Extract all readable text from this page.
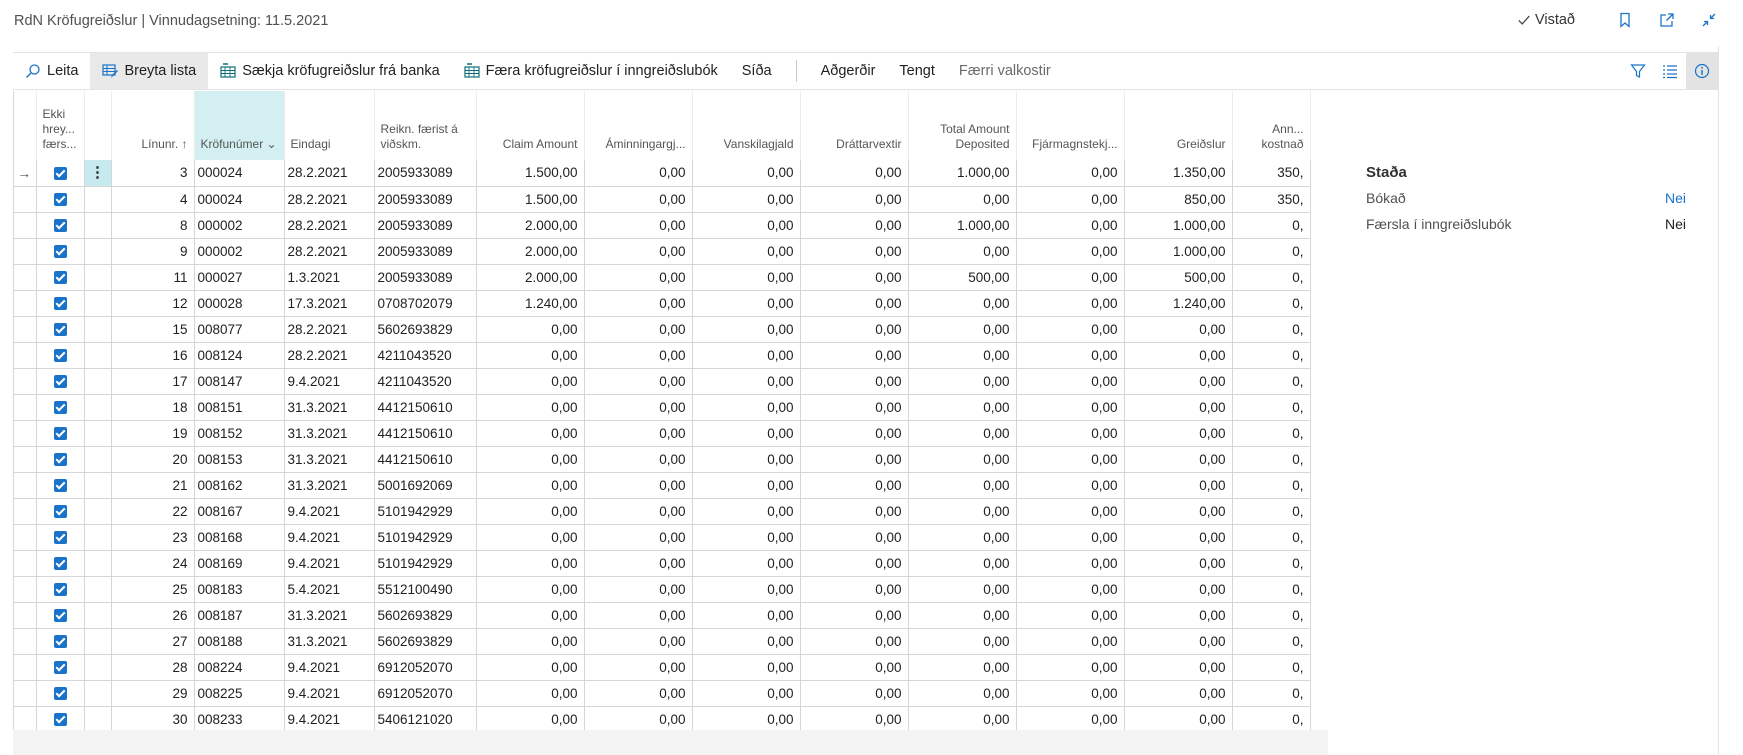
RdN Kröfugreiðslur | Vinnudagsetning: 11.5.2021	Vistað
Leita	Breyta lista	Sækja kröfugreiðslur frá banka	Færa kröfugreiðslur í inngreiðslubók Síða	Aðgerðir Tengt Færri valkostir
	Ekki hrey... færs...		Línunr. ↑	Kröfunúmer ⌄	Eindagi	Reikn. færist á viðskm.	Claim Amount	Áminningargj...	Vanskilagjald	Dráttarvextir	Total Amount Deposited	Fjármagnstekj...	Greiðslur	Ann... kostnað
→		⋮	3	000024	28.2.2021	2005933089	1.500,00	0,00	0,00	0,00	1.000,00	0,00	1.350,00	350,
			4	000024	28.2.2021	2005933089	1.500,00	0,00	0,00	0,00	0,00	0,00	850,00	350,
			8	000002	28.2.2021	2005933089	2.000,00	0,00	0,00	0,00	1.000,00	0,00	1.000,00	0,
			9	000002	28.2.2021	2005933089	2.000,00	0,00	0,00	0,00	0,00	0,00	1.000,00	0,
			11	000027	1.3.2021	2005933089	2.000,00	0,00	0,00	0,00	500,00	0,00	500,00	0,
			12	000028	17.3.2021	0708702079	1.240,00	0,00	0,00	0,00	0,00	0,00	1.240,00	0,
			15	008077	28.2.2021	5602693829	0,00	0,00	0,00	0,00	0,00	0,00	0,00	0,
			16	008124	28.2.2021	4211043520	0,00	0,00	0,00	0,00	0,00	0,00	0,00	0,
			17	008147	9.4.2021	4211043520	0,00	0,00	0,00	0,00	0,00	0,00	0,00	0,
			18	008151	31.3.2021	4412150610	0,00	0,00	0,00	0,00	0,00	0,00	0,00	0,
			19	008152	31.3.2021	4412150610	0,00	0,00	0,00	0,00	0,00	0,00	0,00	0,
			20	008153	31.3.2021	4412150610	0,00	0,00	0,00	0,00	0,00	0,00	0,00	0,
			21	008162	31.3.2021	5001692069	0,00	0,00	0,00	0,00	0,00	0,00	0,00	0,
			22	008167	9.4.2021	5101942929	0,00	0,00	0,00	0,00	0,00	0,00	0,00	0,
			23	008168	9.4.2021	5101942929	0,00	0,00	0,00	0,00	0,00	0,00	0,00	0,
			24	008169	9.4.2021	5101942929	0,00	0,00	0,00	0,00	0,00	0,00	0,00	0,
			25	008183	5.4.2021	5512100490	0,00	0,00	0,00	0,00	0,00	0,00	0,00	0,
			26	008187	31.3.2021	5602693829	0,00	0,00	0,00	0,00	0,00	0,00	0,00	0,
			27	008188	31.3.2021	5602693829	0,00	0,00	0,00	0,00	0,00	0,00	0,00	0,
			28	008224	9.4.2021	6912052070	0,00	0,00	0,00	0,00	0,00	0,00	0,00	0,
			29	008225	9.4.2021	6912052070	0,00	0,00	0,00	0,00	0,00	0,00	0,00	0,
			30	008233	9.4.2021	5406121020	0,00	0,00	0,00	0,00	0,00	0,00	0,00	0,
Staða
Bókað	Nei
Færsla í inngreiðslubók	Nei
